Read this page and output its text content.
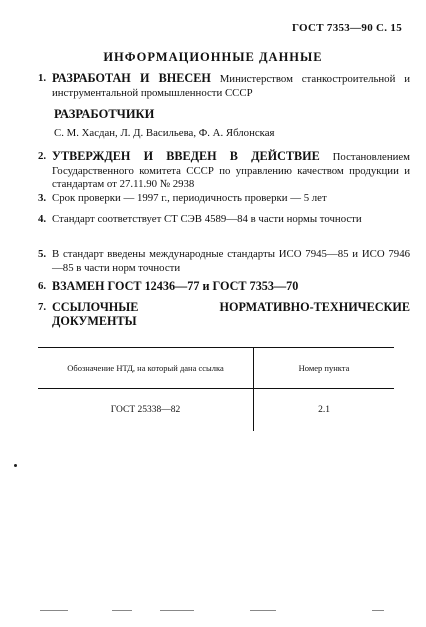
ГОСТ 7353—90 С. 15
ИНФОРМАЦИОННЫЕ ДАННЫЕ
1. РАЗРАБОТАН И ВНЕСЕН Министерством станкостроительной и инструментальной промышленности СССР
РАЗРАБОТЧИКИ
С. М. Хасдан, Л. Д. Васильева, Ф. А. Яблонская
2. УТВЕРЖДЕН И ВВЕДЕН В ДЕЙСТВИЕ Постановлением Государственного комитета СССР по управлению качеством продукции и стандартам от 27.11.90 № 2938
3. Срок проверки — 1997 г., периодичность проверки — 5 лет
4. Стандарт соответствует СТ СЭВ 4589—84 в части нормы точности
5. В стандарт введены международные стандарты ИСО 7945—85 и ИСО 7946—85 в части норм точности
6. ВЗАМЕН ГОСТ 12436—77 и ГОСТ 7353—70
7. ССЫЛОЧНЫЕ НОРМАТИВНО-ТЕХНИЧЕСКИЕ ДОКУМЕНТЫ
Обозначение НТД, на который дана ссылка	Номер пункта
ГОСТ 25338—82	2.1
